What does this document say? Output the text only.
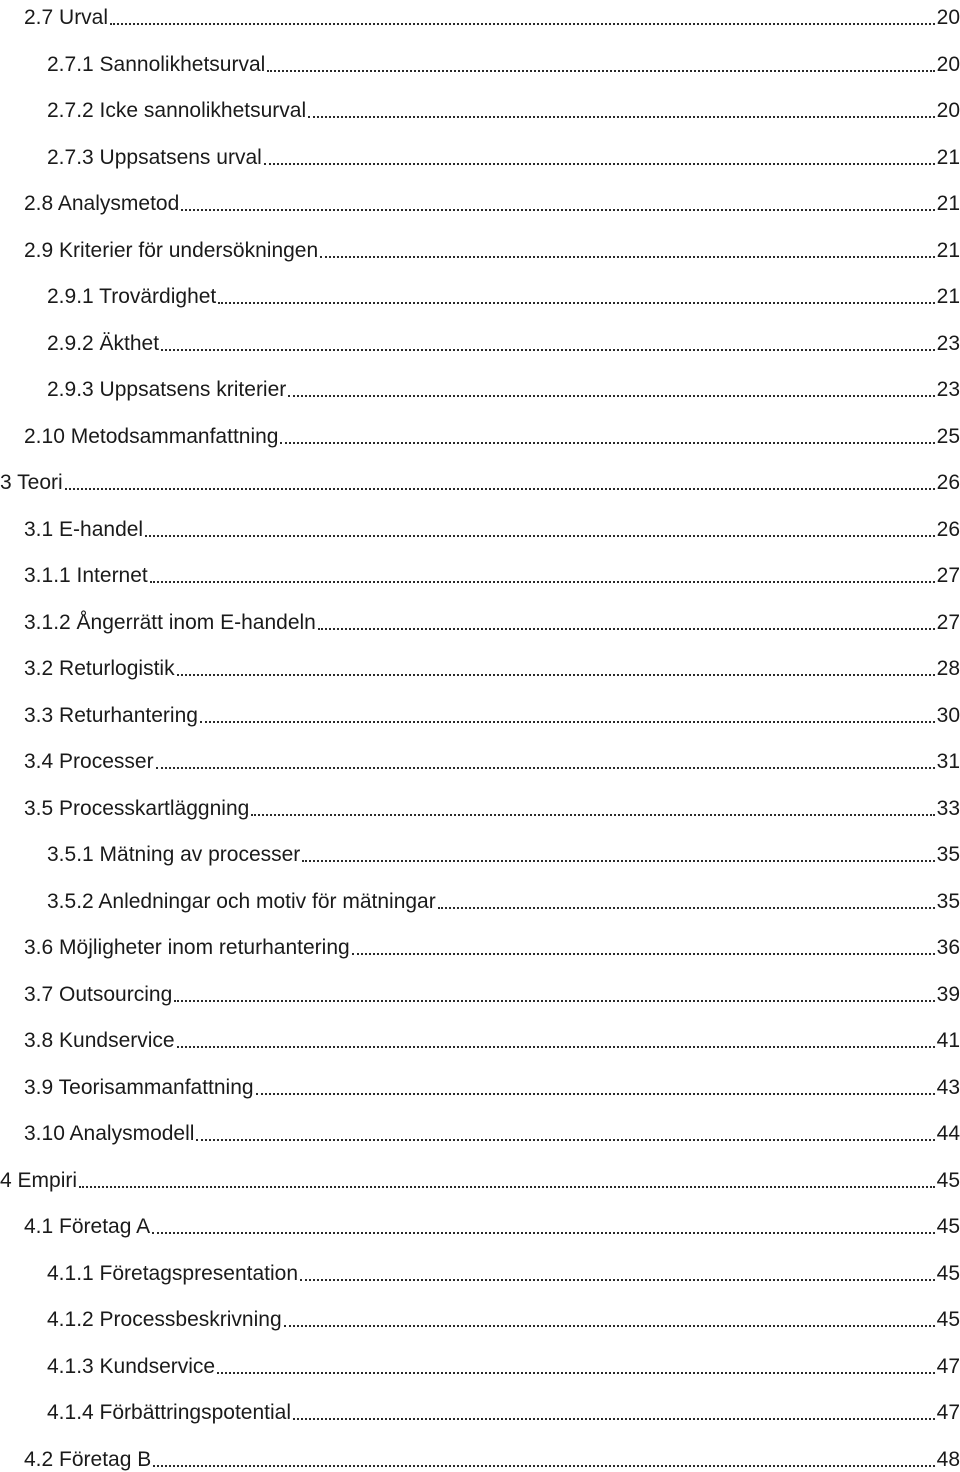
2.7 Urval	20
2.7.1 Sannolikhetsurval	20
2.7.2 Icke sannolikhetsurval	20
2.7.3 Uppsatsens urval	21
2.8 Analysmetod	21
2.9 Kriterier för undersökningen	21
2.9.1 Trovärdighet	21
2.9.2 Äkthet	23
2.9.3 Uppsatsens kriterier	23
2.10 Metodsammanfattning	25
3 Teori	26
3.1 E-handel	26
3.1.1 Internet	27
3.1.2 Ångerrätt inom E-handeln	27
3.2 Returlogistik	28
3.3 Returhantering	30
3.4 Processer	31
3.5 Processkartläggning	33
3.5.1 Mätning av processer	35
3.5.2 Anledningar och motiv för mätningar	35
3.6 Möjligheter inom returhantering	36
3.7 Outsourcing	39
3.8 Kundservice	41
3.9 Teorisammanfattning	43
3.10 Analysmodell	44
4 Empiri	45
4.1 Företag A	45
4.1.1 Företagspresentation	45
4.1.2 Processbeskrivning	45
4.1.3 Kundservice	47
4.1.4 Förbättringspotential	47
4.2 Företag B	48
